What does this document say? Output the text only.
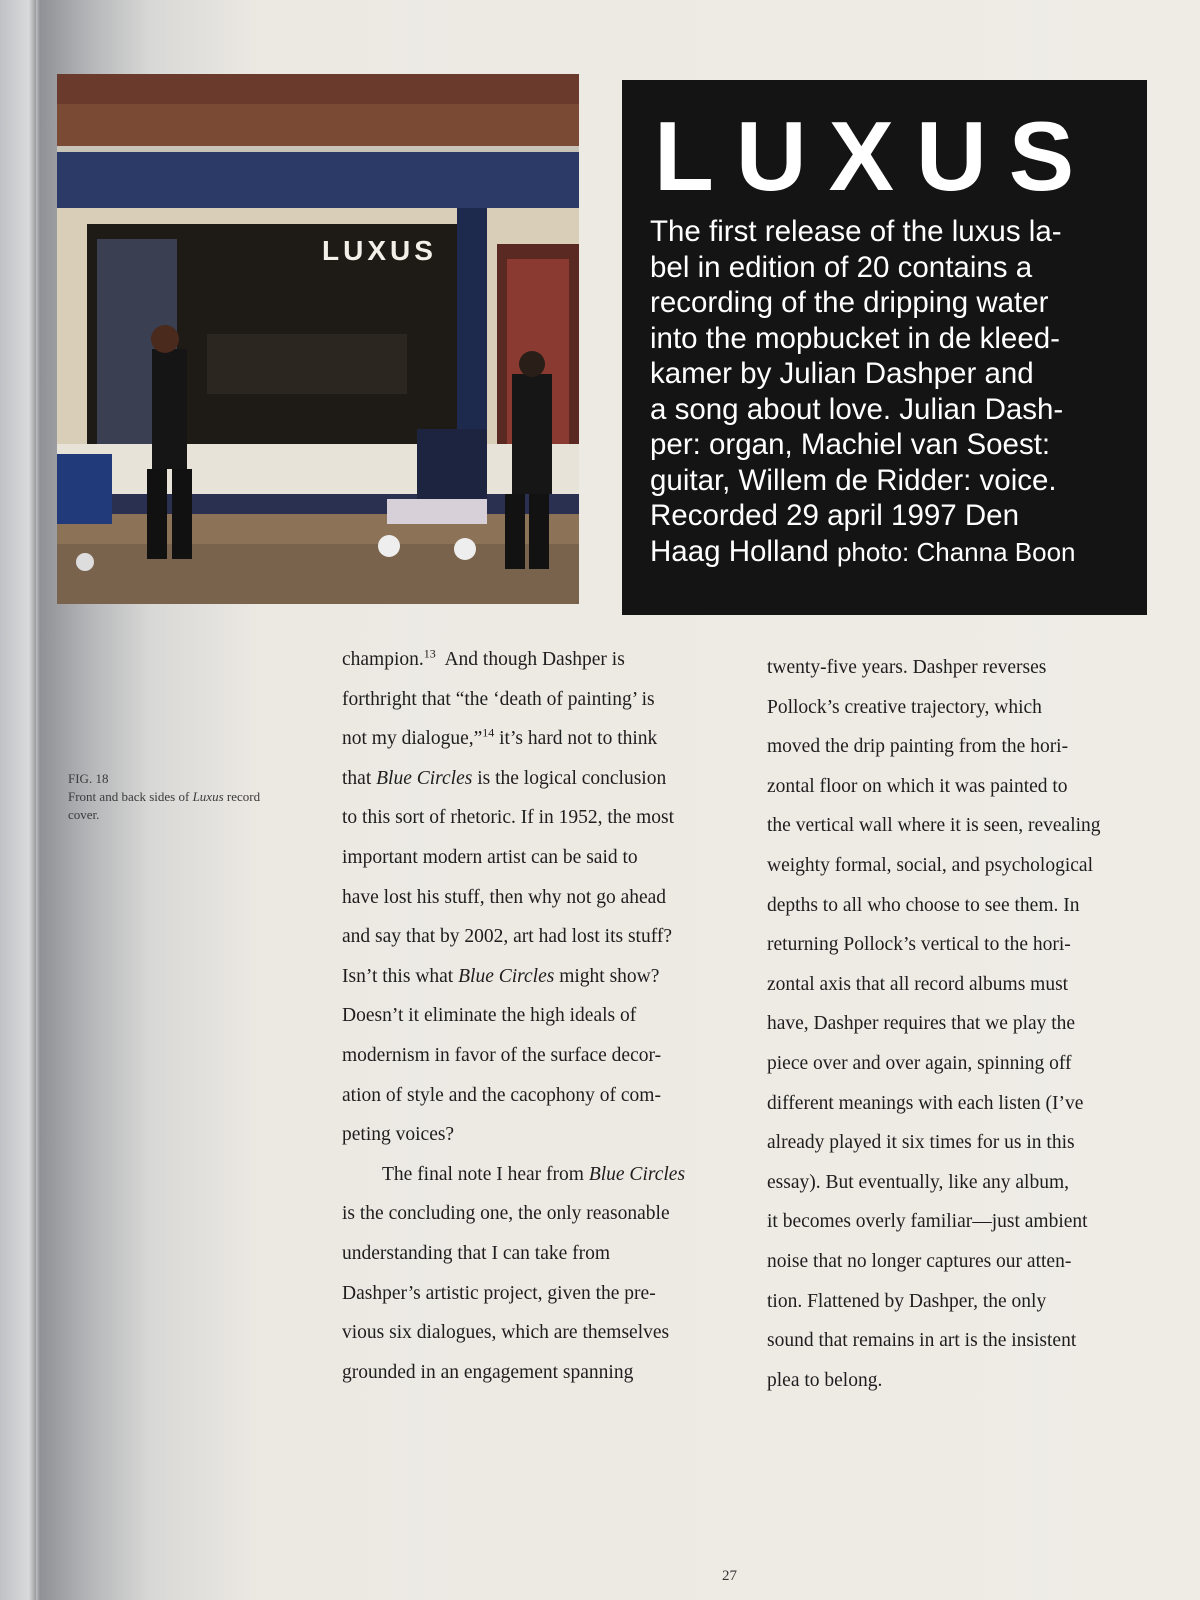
LUXUS
LUXUS

The first release of the luxus la-
bel in edition of 20 contains a
recording of the dripping water
into the mopbucket in de kleed-
kamer by Julian Dashper and
a song about love. Julian Dash-
per: organ, Machiel van Soest:
guitar, Willem de Ridder: voice.
Recorded 29 april 1997 Den
Haag Holland photo: Channa Boon

FIG. 18
Front and back sides of Luxus record cover.
champion.$^{13}$  And though Dashper is
forthright that “the ‘death of painting’ is
not my dialogue,”$^{14}$ it’s hard not to think
that Blue Circles is the logical conclusion
to this sort of rhetoric. If in 1952, the most
important modern artist can be said to
have lost his stuff, then why not go ahead
and say that by 2002, art had lost its stuff?
Isn’t this what Blue Circles might show?
Doesn’t it eliminate the high ideals of
modernism in favor of the surface decor-
ation of style and the cacophony of com-
peting voices?
The final note I hear from Blue Circles
is the concluding one, the only reasonable
understanding that I can take from
Dashper’s artistic project, given the pre-
vious six dialogues, which are themselves
grounded in an engagement spanning
twenty-five years. Dashper reverses
Pollock’s creative trajectory, which
moved the drip painting from the hori-
zontal floor on which it was painted to
the vertical wall where it is seen, revealing
weighty formal, social, and psychological
depths to all who choose to see them. In
returning Pollock’s vertical to the hori-
zontal axis that all record albums must
have, Dashper requires that we play the
piece over and over again, spinning off
different meanings with each listen (I’ve
already played it six times for us in this
essay). But eventually, like any album,
it becomes overly familiar—just ambient
noise that no longer captures our atten-
tion. Flattened by Dashper, the only
sound that remains in art is the insistent
plea to belong.
27
